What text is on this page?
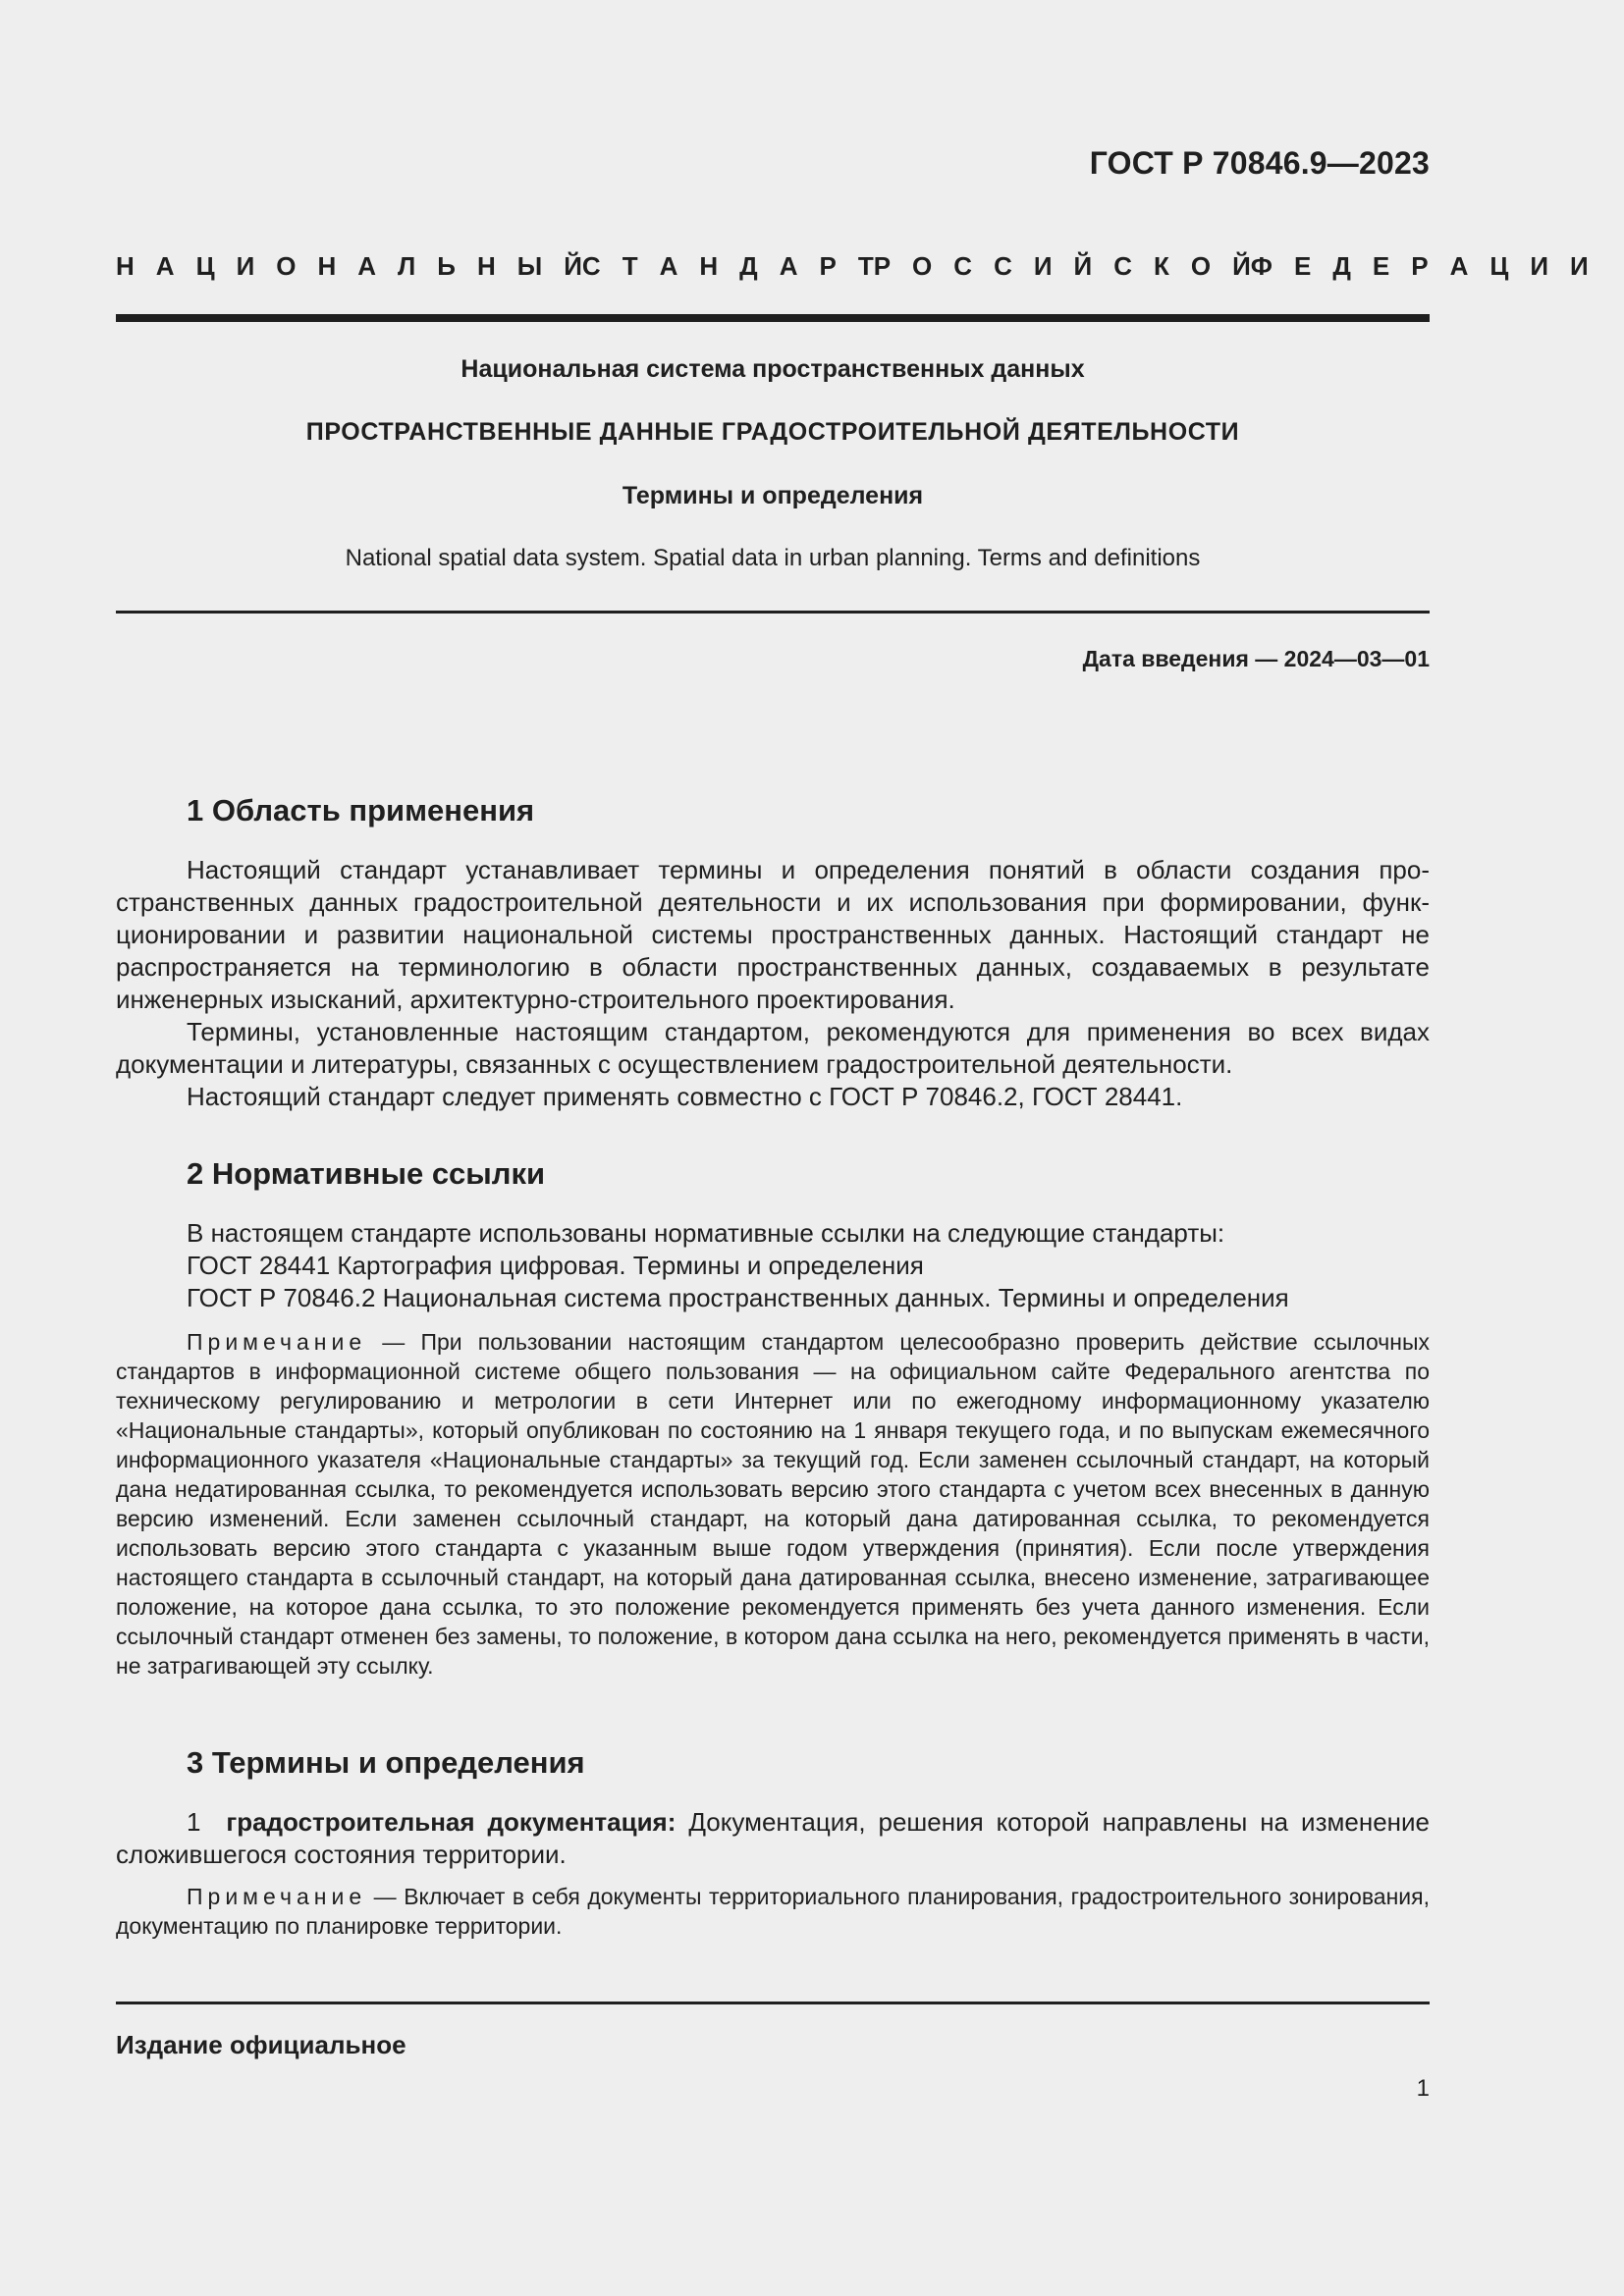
ГОСТ Р 70846.9—2023
Н А Ц И О Н А Л Ь Н Ы Й С Т А Н Д А Р Т Р О С С И Й С К О Й Ф Е Д Е Р А Ц И И
Национальная система пространственных данных
ПРОСТРАНСТВЕННЫЕ ДАННЫЕ ГРАДОСТРОИТЕЛЬНОЙ ДЕЯТЕЛЬНОСТИ
Термины и определения
National spatial data system. Spatial data in urban planning. Terms and definitions
Дата введения — 2024—03—01
1 Область применения

Настоящий стандарт устанавливает термины и определения понятий в области создания пространственных данных градостроительной деятельности и их использования при формировании, функционировании и развитии национальной системы пространственных данных. Настоящий стандарт не распространяется на терминологию в области пространственных данных, создаваемых в результате инженерных изысканий, архитектурно-строительного проектирования.

Термины, установленные настоящим стандартом, рекомендуются для применения во всех видах документации и литературы, связанных с осуществлением градостроительной деятельности.

Настоящий стандарт следует применять совместно с ГОСТ Р 70846.2, ГОСТ 28441.

2 Нормативные ссылки

В настоящем стандарте использованы нормативные ссылки на следующие стандарты:

ГОСТ 28441 Картография цифровая. Термины и определения

ГОСТ Р 70846.2 Национальная система пространственных данных. Термины и определения

Примечание — При пользовании настоящим стандартом целесообразно проверить действие ссылочных стандартов в информационной системе общего пользования — на официальном сайте Федерального агентства по техническому регулированию и метрологии в сети Интернет или по ежегодному информационному указателю «Национальные стандарты», который опубликован по состоянию на 1 января текущего года, и по выпускам ежемесячного информационного указателя «Национальные стандарты» за текущий год. Если заменен ссылочный стандарт, на который дана недатированная ссылка, то рекомендуется использовать версию этого стандарта с учетом всех внесенных в данную версию изменений. Если заменен ссылочный стандарт, на который дана датированная ссылка, то рекомендуется использовать версию этого стандарта с указанным выше годом утверждения (принятия). Если после утверждения настоящего стандарта в ссылочный стандарт, на который дана датированная ссылка, внесено изменение, затрагивающее положение, на которое дана ссылка, то это положение рекомендуется применять без учета данного изменения. Если ссылочный стандарт отменен без замены, то положение, в котором дана ссылка на него, рекомендуется применять в части, не затрагивающей эту ссылку.

3 Термины и определения

1 градостроительная документация: Документация, решения которой направлены на изменение сложившегося состояния территории.

Примечание — Включает в себя документы территориального планирования, градостроительного зонирования, документацию по планировке территории.

Издание официальное
1
